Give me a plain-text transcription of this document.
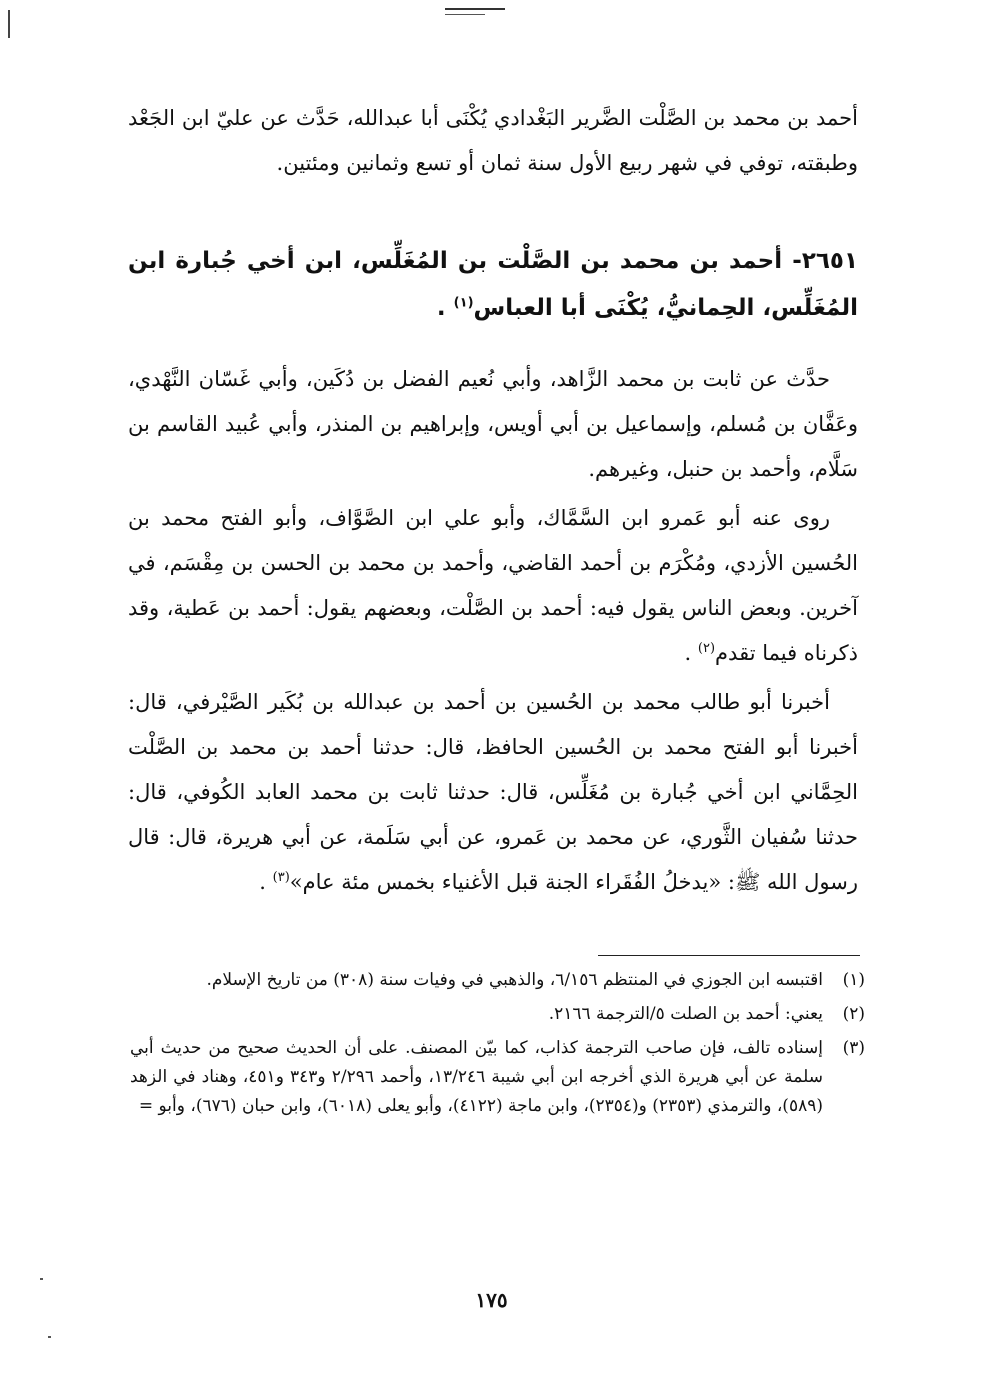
أحمد بن محمد بن الصَّلْت الضَّرير البَغْدادي يُكْنَى أبا عبدالله، حَدَّث عن عليّ ابن الجَعْد وطبقته، توفي في شهر ربيع الأول سنة ثمان أو تسع وثمانين ومئتين.

٢٦٥١- أحمد بن محمد بن الصَّلْت بن المُغَلِّس، ابن أخي جُبارة ابن المُغَلِّس، الحِمانيُّ، يُكْنَى أبا العباس$^{(١)}$ .

حدَّث عن ثابت بن محمد الزَّاهد، وأبي نُعيم الفضل بن دُكَين، وأبي غَسّان النَّهْدي، وعَفَّان بن مُسلم، وإسماعيل بن أبي أويس، وإبراهيم بن المنذر، وأبي عُبيد القاسم بن سَلَّام، وأحمد بن حنبل، وغيرهم.

روى عنه أبو عَمرو ابن السَّمَّاك، وأبو علي ابن الصَّوَّاف، وأبو الفتح محمد بن الحُسين الأزدي، ومُكْرَم بن أحمد القاضي، وأحمد بن محمد بن الحسن بن مِقْسَم، في آخرين. وبعض الناس يقول فيه: أحمد بن الصَّلْت، وبعضهم يقول: أحمد بن عَطية، وقد ذكرناه فيما تقدم$^{(٢)}$ .

أخبرنا أبو طالب محمد بن الحُسين بن أحمد بن عبدالله بن بُكَير الصَّيْرفي، قال: أخبرنا أبو الفتح محمد بن الحُسين الحافظ، قال: حدثنا أحمد بن محمد بن الصَّلْت الحِمَّاني ابن أخي جُبارة بن مُغَلِّس، قال: حدثنا ثابت بن محمد العابد الكُوفي، قال: حدثنا سُفيان الثَّوري، عن محمد بن عَمرو، عن أبي سَلَمة، عن أبي هريرة، قال: قال رسول الله ﷺ: «يدخلُ الفُقَراء الجنة قبل الأغنياء بخمس مئة عام»$^{(٣)}$ .

(١)
اقتبسه ابن الجوزي في المنتظم ٦/١٥٦، والذهبي في وفيات سنة (٣٠٨) من تاريخ الإسلام.
(٢)
يعني: أحمد بن الصلت ٥/الترجمة ٢١٦٦.
(٣)
إسناده تالف، فإن صاحب الترجمة كذاب، كما بيّن المصنف. على أن الحديث صحيح من حديث أبي سلمة عن أبي هريرة الذي أخرجه ابن أبي شيبة ١٣/٢٤٦، وأحمد ٢/٢٩٦ و٣٤٣ و٤٥١، وهناد في الزهد (٥٨٩)، والترمذي (٢٣٥٣) و(٢٣٥٤)، وابن ماجة (٤١٢٢)، وأبو يعلى (٦٠١٨)، وابن حبان (٦٧٦)، وأبو =
١٧٥
